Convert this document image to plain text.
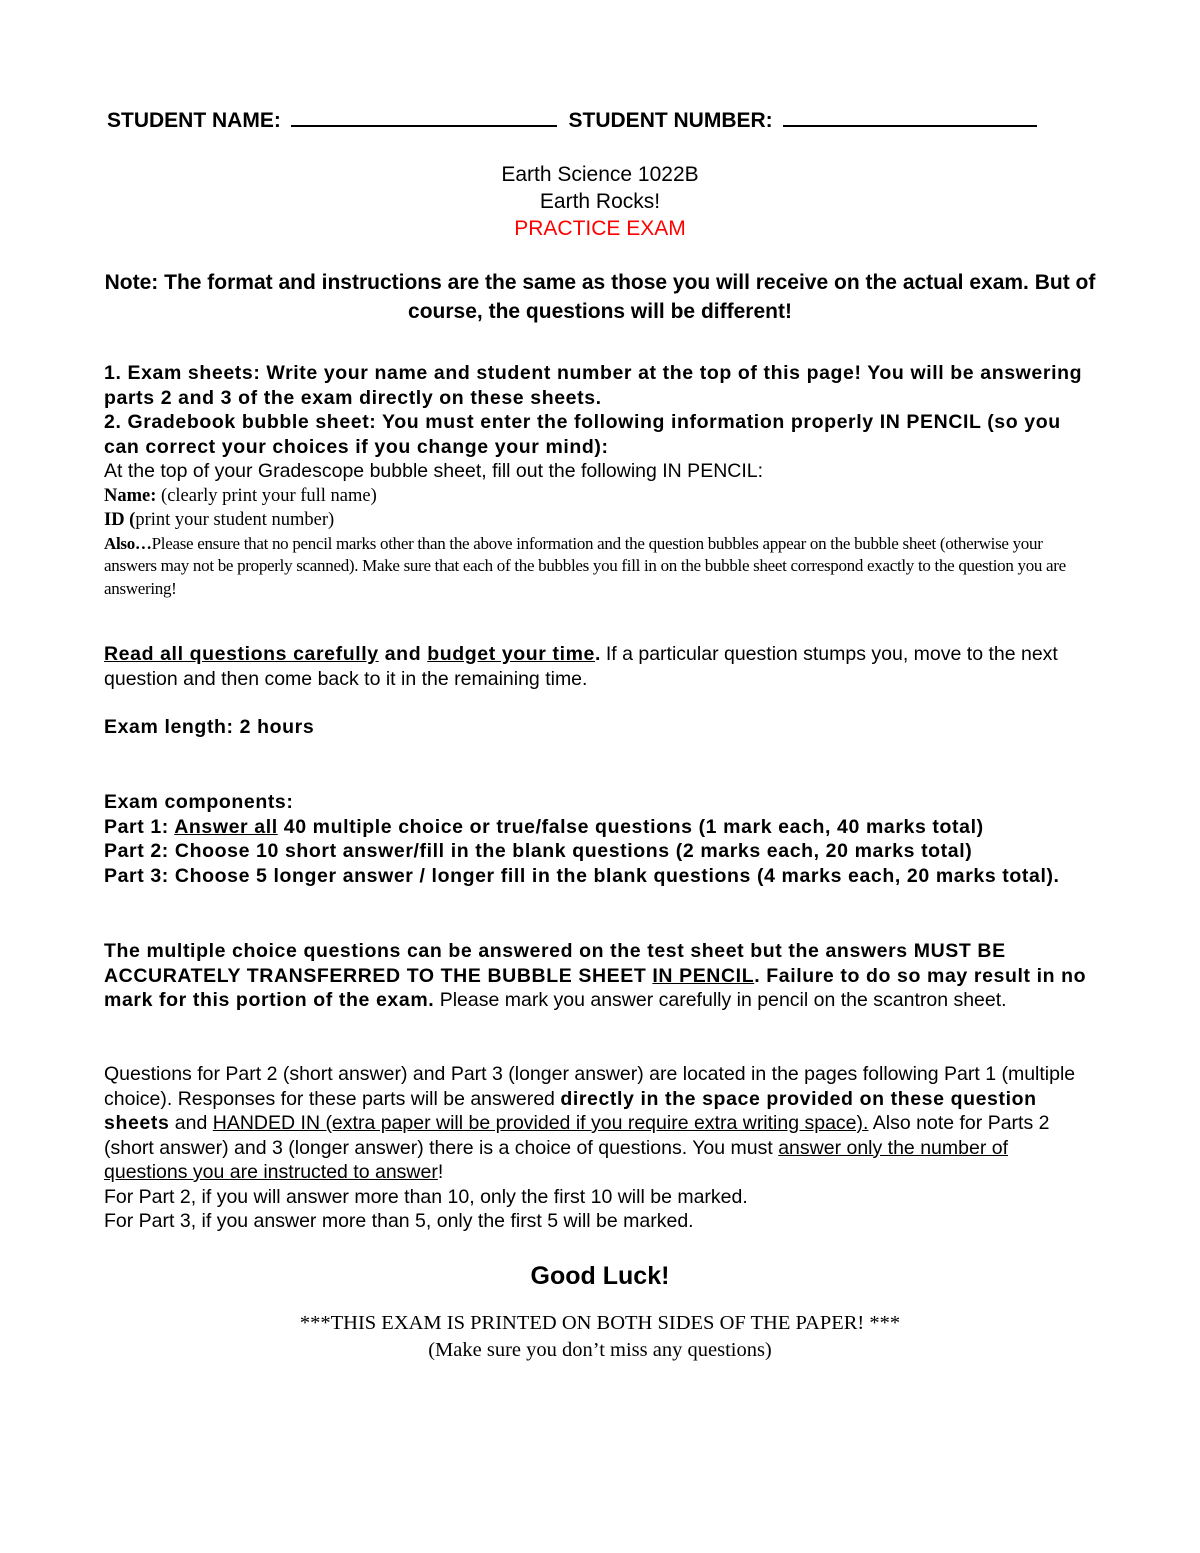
STUDENT NAME:	STUDENT NUMBER:
Earth Science 1022B
Earth Rocks!
PRACTICE EXAM
Note: The format and instructions are the same as those you will receive on the actual exam. But of course, the questions will be different!
1. Exam sheets: Write your name and student number at the top of this page! You will be answering parts 2 and 3 of the exam directly on these sheets.
2. Gradebook bubble sheet: You must enter the following information properly IN PENCIL (so you can correct your choices if you change your mind):
At the top of your Gradescope bubble sheet, fill out the following IN PENCIL:
Name: (clearly print your full name)
ID (print your student number)
Also…Please ensure that no pencil marks other than the above information and the question bubbles appear on the bubble sheet (otherwise your answers may not be properly scanned). Make sure that each of the bubbles you fill in on the bubble sheet correspond exactly to the question you are answering!
Read all questions carefully and budget your time. If a particular question stumps you, move to the next question and then come back to it in the remaining time.
Exam length: 2 hours
Exam components:
Part 1: Answer all 40 multiple choice or true/false questions (1 mark each, 40 marks total)
Part 2: Choose 10 short answer/fill in the blank questions (2 marks each, 20 marks total)
Part 3: Choose 5 longer answer / longer fill in the blank questions (4 marks each, 20 marks total).
The multiple choice questions can be answered on the test sheet but the answers MUST BE ACCURATELY TRANSFERRED TO THE BUBBLE SHEET IN PENCIL. Failure to do so may result in no mark for this portion of the exam. Please mark you answer carefully in pencil on the scantron sheet.
Questions for Part 2 (short answer) and Part 3 (longer answer) are located in the pages following Part 1 (multiple choice). Responses for these parts will be answered directly in the space provided on these question sheets and HANDED IN (extra paper will be provided if you require extra writing space). Also note for Parts 2 (short answer) and 3 (longer answer) there is a choice of questions. You must answer only the number of questions you are instructed to answer!
For Part 2, if you will answer more than 10, only the first 10 will be marked.
For Part 3, if you answer more than 5, only the first 5 will be marked.
Good Luck!
***THIS EXAM IS PRINTED ON BOTH SIDES OF THE PAPER! ***
(Make sure you don’t miss any questions)
